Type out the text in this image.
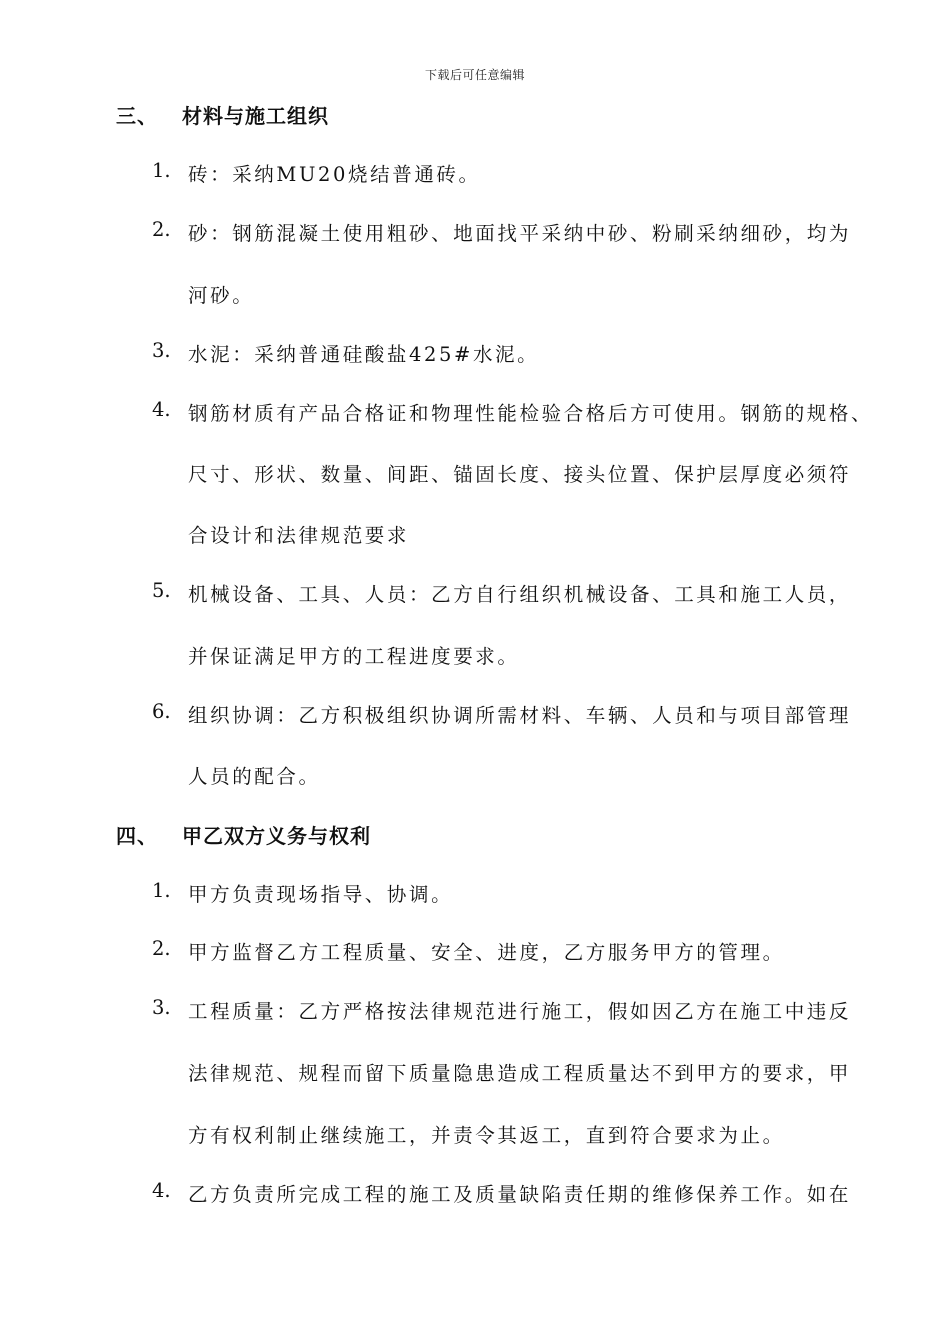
下载后可任意编辑
三、 材料与施工组织
1. 砖：采纳MU20烧结普通砖。
2. 砂：钢筋混凝土使用粗砂、地面找平采纳中砂、粉刷采纳细砂，均为
河砂。
3. 水泥：采纳普通硅酸盐425#水泥。
4. 钢筋材质有产品合格证和物理性能检验合格后方可使用。钢筋的规格、
尺寸、形状、数量、间距、锚固长度、接头位置、保护层厚度必须符
合设计和法律规范要求
5. 机械设备、工具、人员：乙方自行组织机械设备、工具和施工人员，
并保证满足甲方的工程进度要求。
6. 组织协调：乙方积极组织协调所需材料、车辆、人员和与项目部管理
人员的配合。
四、 甲乙双方义务与权利
1. 甲方负责现场指导、协调。
2. 甲方监督乙方工程质量、安全、进度，乙方服务甲方的管理。
3. 工程质量：乙方严格按法律规范进行施工，假如因乙方在施工中违反
法律规范、规程而留下质量隐患造成工程质量达不到甲方的要求，甲
方有权利制止继续施工，并责令其返工，直到符合要求为止。
4. 乙方负责所完成工程的施工及质量缺陷责任期的维修保养工作。如在
